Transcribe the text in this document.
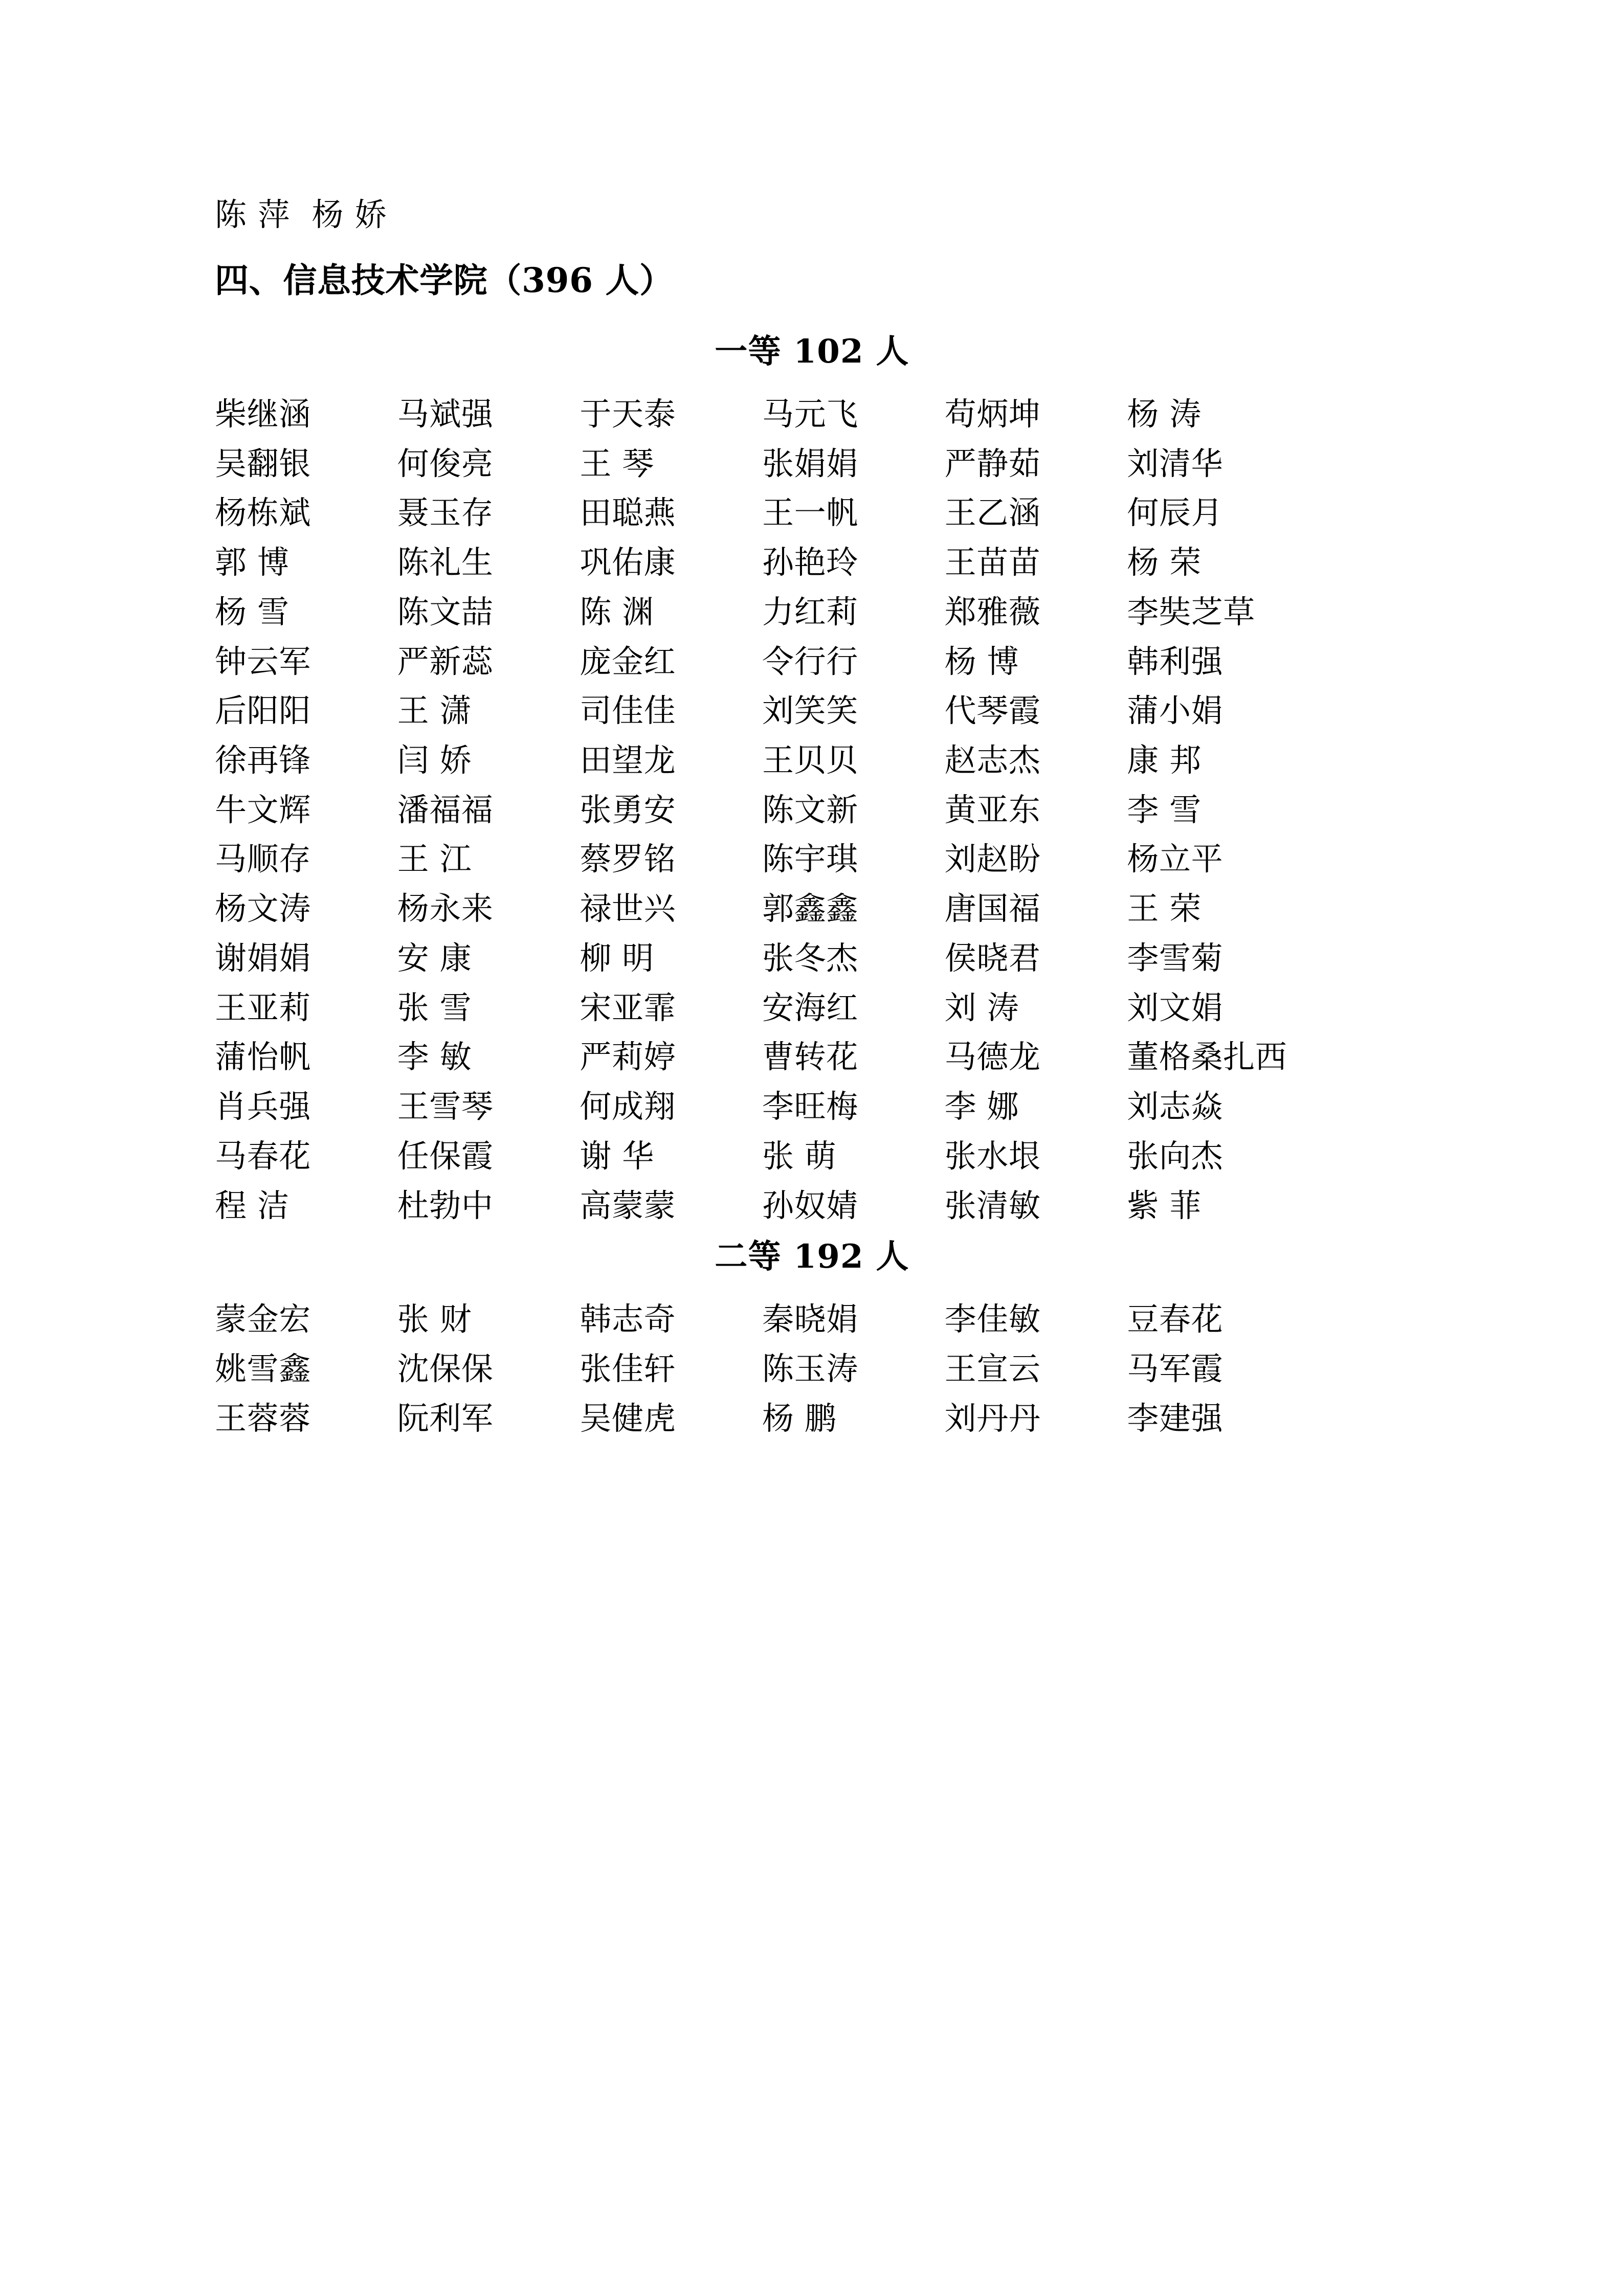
陈 萍 杨 娇
四、信息技术学院（396 人）
一等 102 人
柴继涵	马斌强	于天泰	马元飞	苟炳坤	杨 涛
吴翻银	何俊亮	王 琴	张娟娟	严静茹	刘清华
杨栋斌	聂玉存	田聪燕	王一帆	王乙涵	何辰月
郭 博	陈礼生	巩佑康	孙艳玲	王苗苗	杨 荣
杨 雪	陈文喆	陈 渊	力红莉	郑雅薇	李奘芝草
钟云军	严新蕊	庞金红	令行行	杨 博	韩利强
后阳阳	王 潇	司佳佳	刘笑笑	代琴霞	蒲小娟
徐再锋	闫 娇	田望龙	王贝贝	赵志杰	康 邦
牛文辉	潘福福	张勇安	陈文新	黄亚东	李 雪
马顺存	王 江	蔡罗铭	陈宇琪	刘赵盼	杨立平
杨文涛	杨永来	禄世兴	郭鑫鑫	唐国福	王 荣
谢娟娟	安 康	柳 明	张冬杰	侯晓君	李雪菊
王亚莉	张 雪	宋亚霏	安海红	刘 涛	刘文娟
蒲怡帆	李 敏	严莉婷	曹转花	马德龙	董格桑扎西
肖兵强	王雪琴	何成翔	李旺梅	李 娜	刘志焱
马春花	任保霞	谢 华	张 萌	张水垠	张向杰
程 洁	杜勃中	高蒙蒙	孙奴婧	张清敏	紫 菲
二等 192 人
蒙金宏	张 财	韩志奇	秦晓娟	李佳敏	豆春花
姚雪鑫	沈保保	张佳轩	陈玉涛	王宣云	马军霞
王蓉蓉	阮利军	吴健虎	杨 鹏	刘丹丹	李建强
